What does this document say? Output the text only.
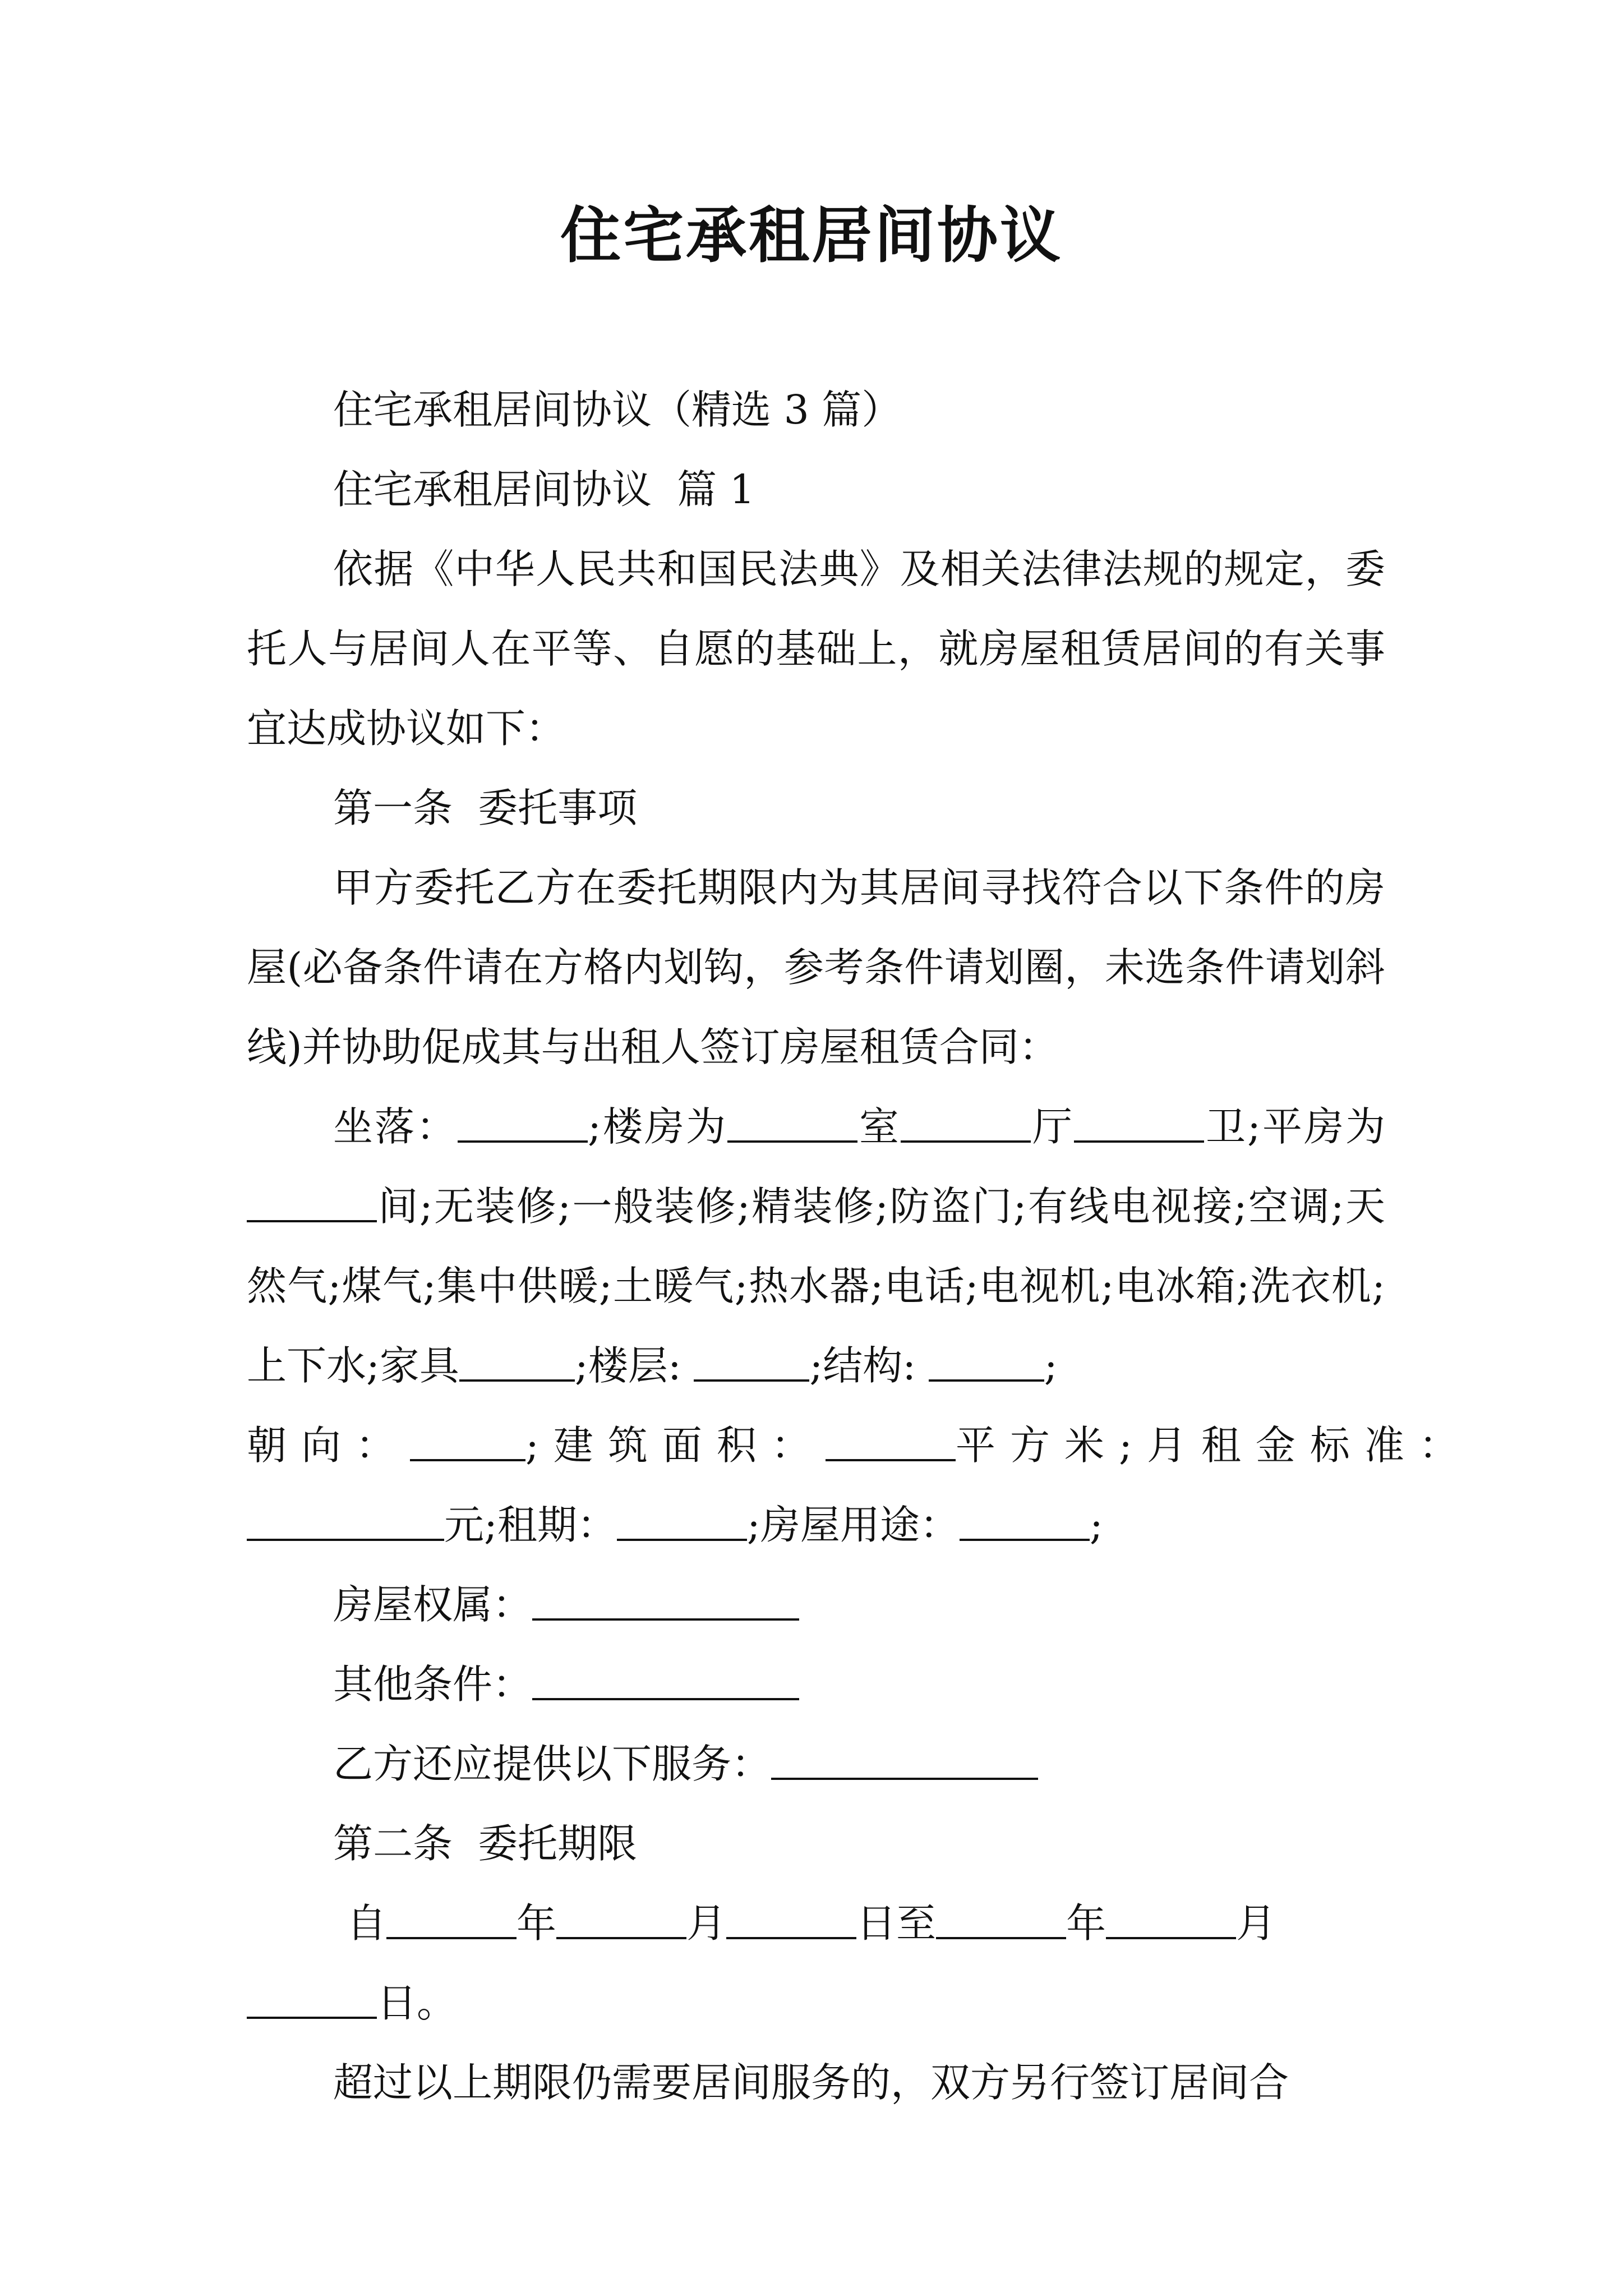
住宅承租居间协议

住宅承租居间协议（精选 3 篇）

住宅承租居间协议  篇 1

依据《中华人民共和国民法典》及相关法律法规的规定，委托人与居间人在平等、自愿的基础上，就房屋租赁居间的有关事宜达成协议如下：

第一条  委托事项

甲方委托乙方在委托期限内为其居间寻找符合以下条件的房屋(必备条件请在方格内划钩，参考条件请划圈，未选条件请划斜线)并协助促成其与出租人签订房屋租赁合同：

坐落：	;楼房为	室	厅	卫;平房为间;无装修;一般装修;精装修;防盗门;有线电视接;空调;天然气;煤气;集中供暖;土暖气;热水器;电话;电视机;电冰箱;洗衣机;上下水;家具	;楼层:	;结构:	;

朝向：	;建筑面积：	平方米;月租金标准：

元;租期：	;房屋用途：	;

房屋权属：

其他条件：

乙方还应提供以下服务：

第二条  委托期限

自	年	月	日至	年	月

日。

超过以上期限仍需要居间服务的，双方另行签订居间合
